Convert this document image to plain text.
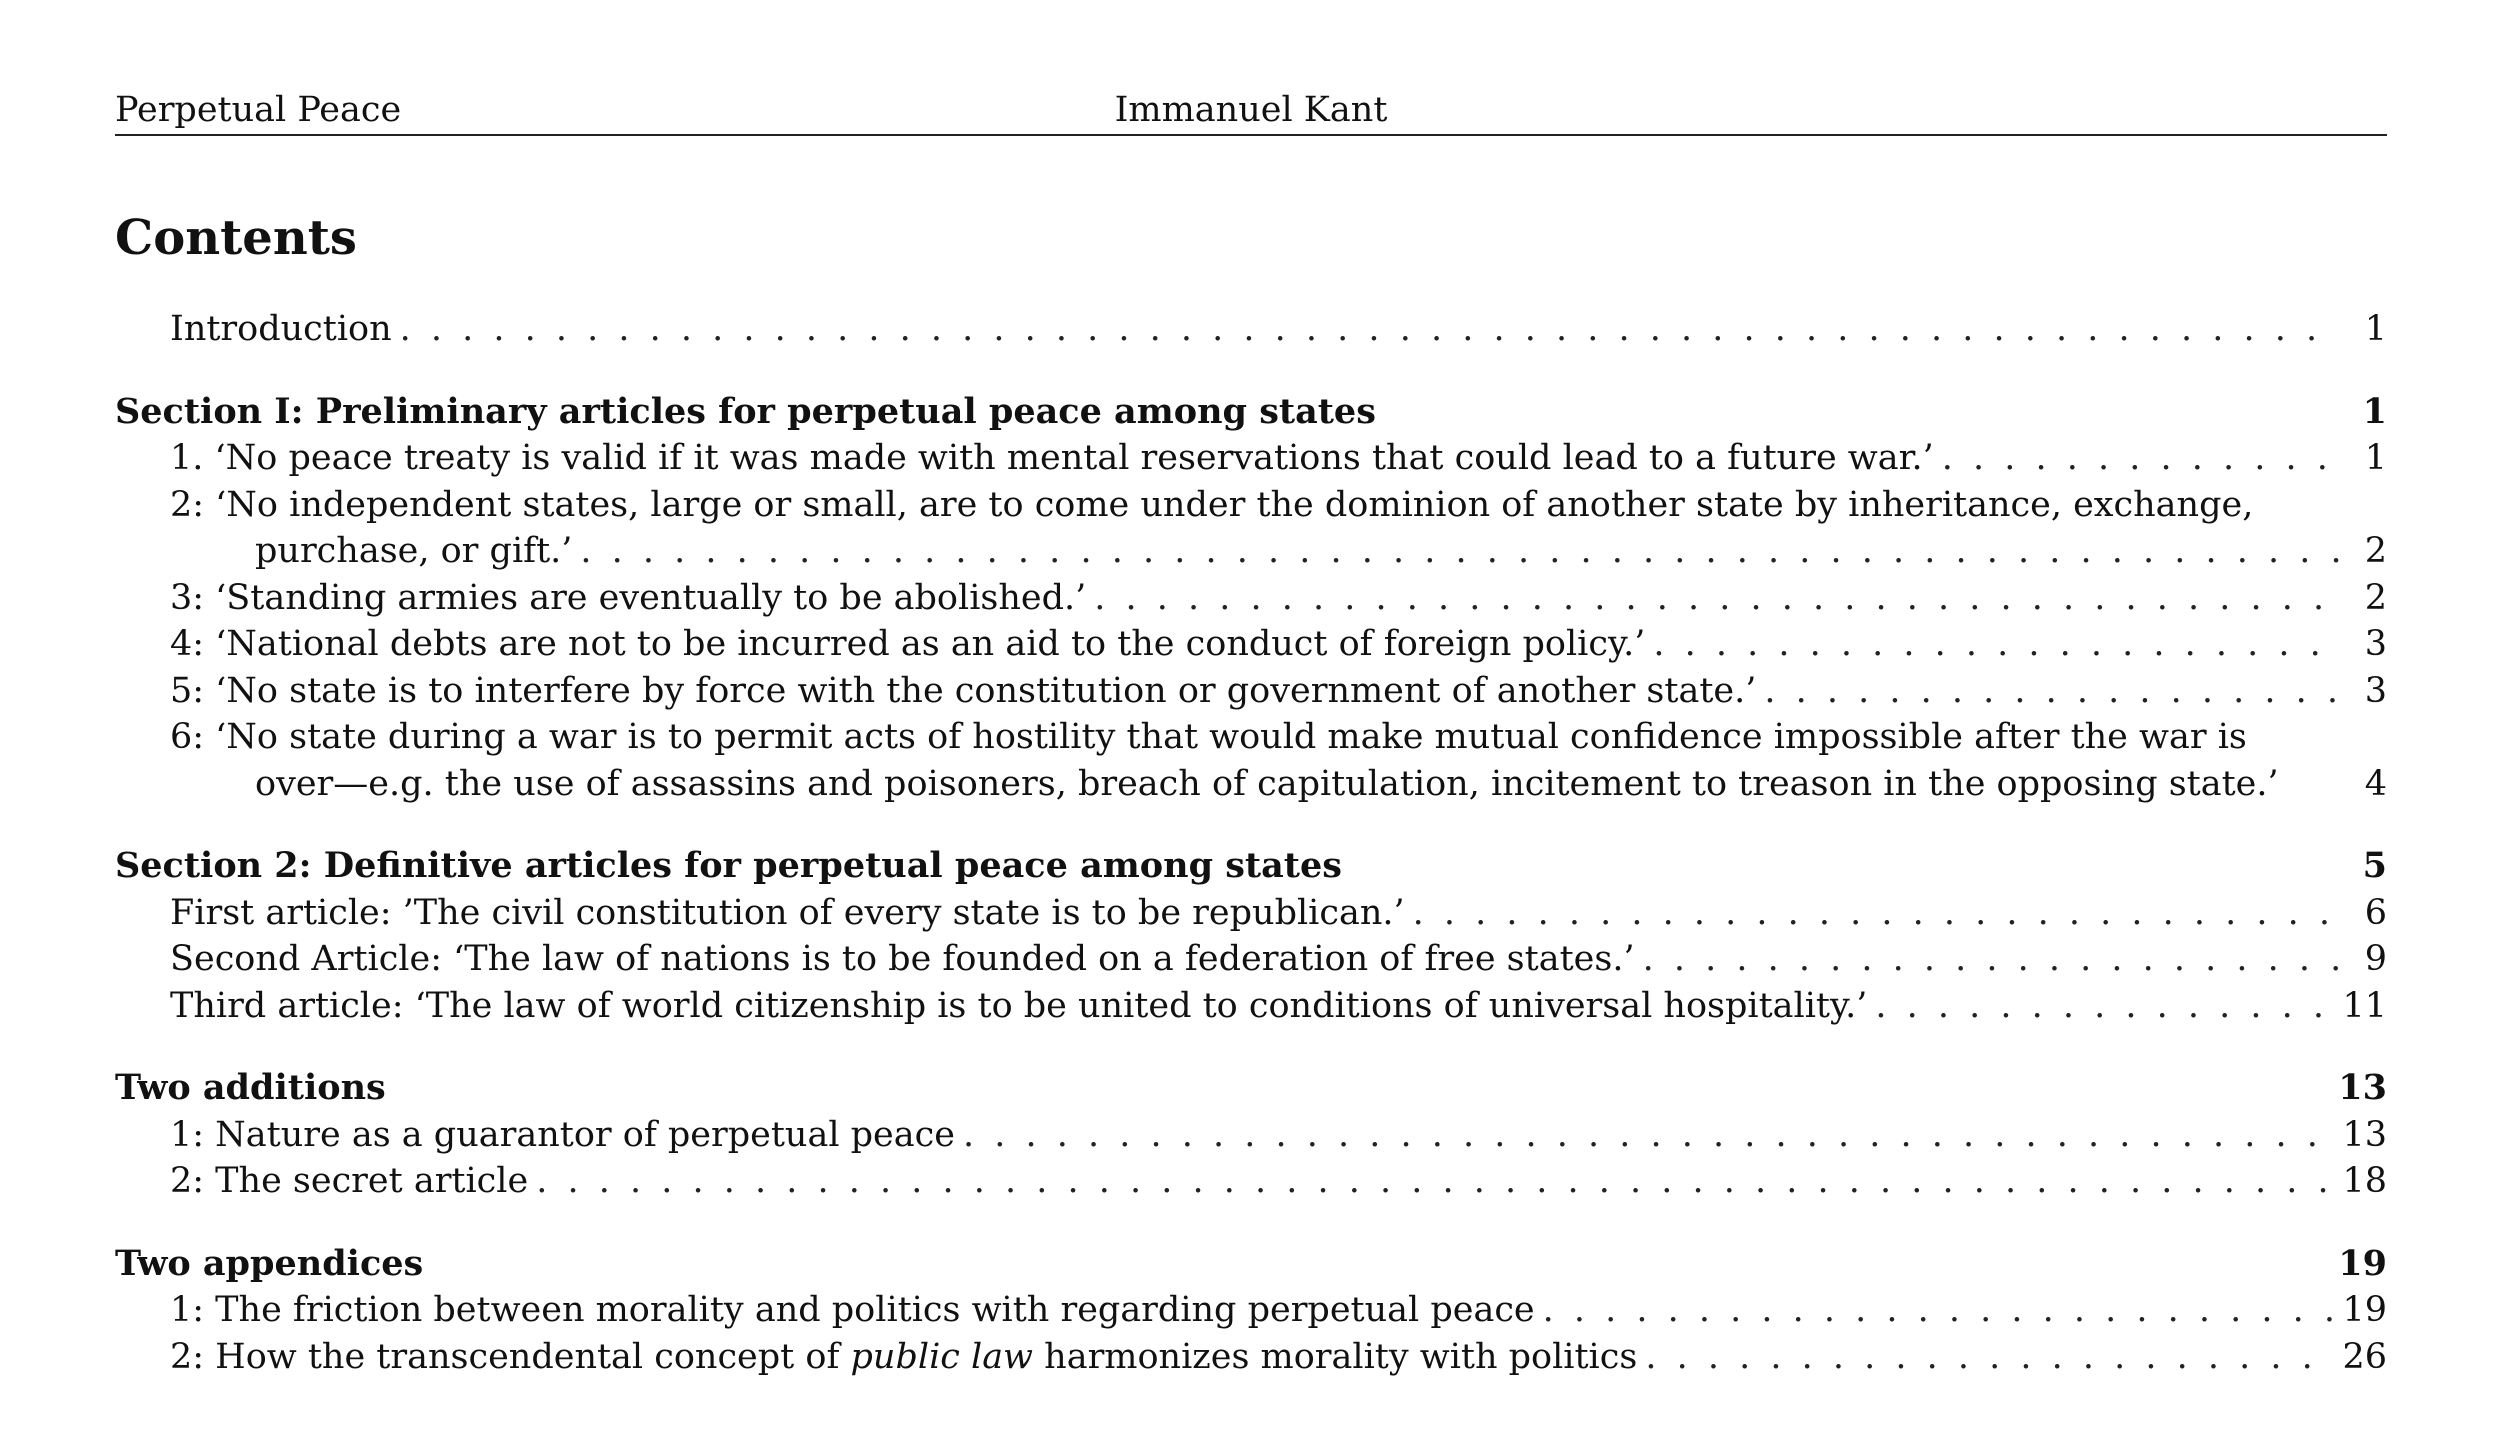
Perpetual Peace	Immanuel Kant
Contents
Introduction . . .	1
Section I: Preliminary articles for perpetual peace among states	1
1. ‘No peace treaty is valid if it was made with mental reservations that could lead to a future war.’ . . .	1
2: ‘No independent states, large or small, are to come under the dominion of another state by inheritance, exchange,
purchase, or gift.’ . . .	2
3: ‘Standing armies are eventually to be abolished.’ . . .	2
4: ‘National debts are not to be incurred as an aid to the conduct of foreign policy.’ . . .	3
5: ‘No state is to interfere by force with the constitution or government of another state.’ . . .	3
6: ‘No state during a war is to permit acts of hostility that would make mutual confidence impossible after the war is
over—e.g. the use of assassins and poisoners, breach of capitulation, incitement to treason in the opposing state.’	4
Section 2: Definitive articles for perpetual peace among states	5
First article: ’The civil constitution of every state is to be republican.’ . . .	6
Second Article: ‘The law of nations is to be founded on a federation of free states.’ . . .	9
Third article: ‘The law of world citizenship is to be united to conditions of universal hospitality.’ . . .	11
Two additions	13
1: Nature as a guarantor of perpetual peace . . .	13
2: The secret article . . .	18
Two appendices	19
1: The friction between morality and politics with regarding perpetual peace . . .	19
2: How the transcendental concept of public law harmonizes morality with politics . . .	26
